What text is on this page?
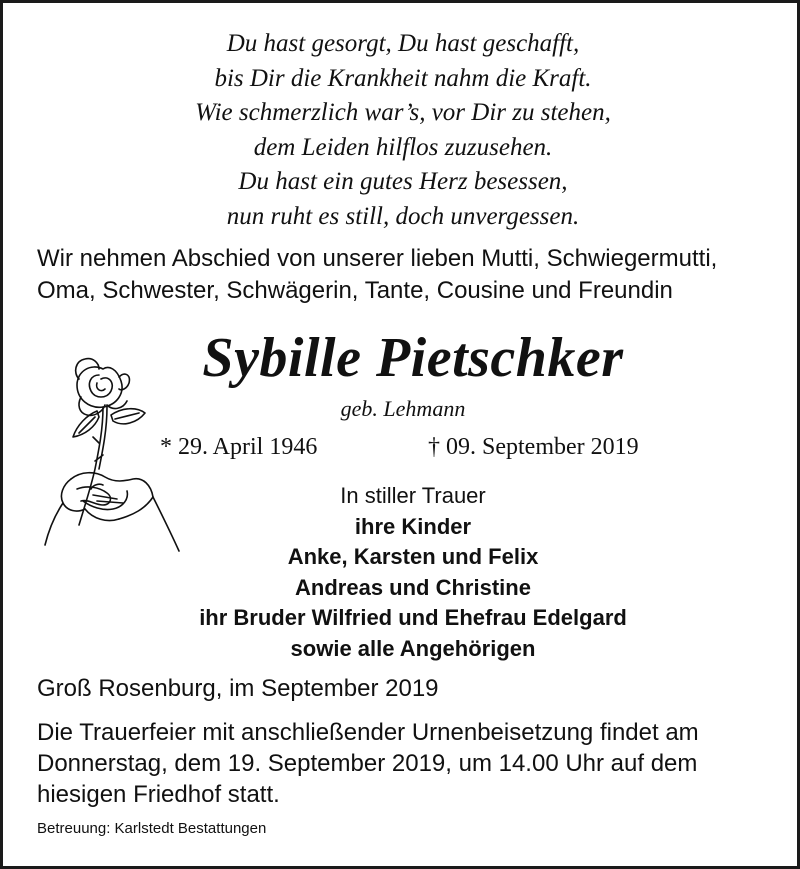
Du hast gesorgt, Du hast geschafft,
bis Dir die Krankheit nahm die Kraft.
Wie schmerzlich war’s, vor Dir zu stehen,
dem Leiden hilflos zuzusehen.
Du hast ein gutes Herz besessen,
nun ruht es still, doch unvergessen.
Wir nehmen Abschied von unserer lieben Mutti, Schwiegermutti,
Oma, Schwester, Schwägerin, Tante, Cousine und Freundin
Sybille Pietschker
geb. Lehmann
* 29. April 1946	† 09. September 2019
In stiller Trauer
ihre Kinder
Anke, Karsten und Felix
Andreas und Christine
ihr Bruder Wilfried und Ehefrau Edelgard
sowie alle Angehörigen
Groß Rosenburg, im September 2019

Die Trauerfeier mit anschließender Urnenbeisetzung findet am

Donnerstag, dem 19. September 2019, um 14.00 Uhr auf dem

hiesigen Friedhof statt.

Betreuung: Karlstedt Bestattungen
